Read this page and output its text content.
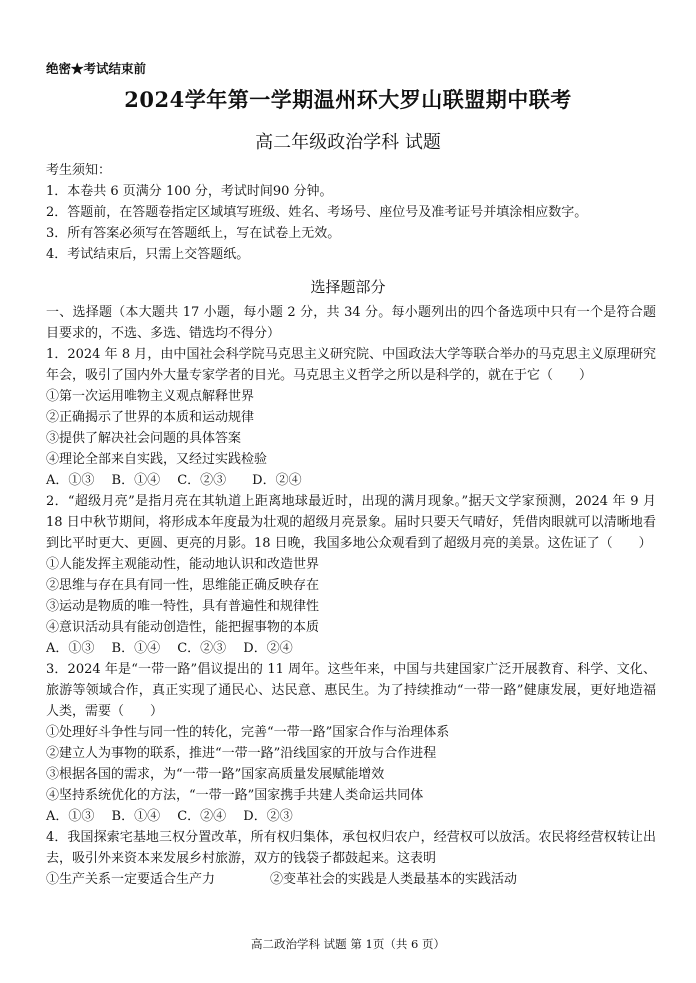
绝密★考试结束前
2024学年第一学期温州环大罗山联盟期中联考
高二年级政治学科 试题
考生须知：
1．本卷共 6 页满分 100 分，考试时间90 分钟。
2．答题前，在答题卷指定区域填写班级、姓名、考场号、座位号及准考证号并填涂相应数字。
3．所有答案必须写在答题纸上，写在试卷上无效。
4．考试结束后，只需上交答题纸。
选择题部分

一、选择题（本大题共 17 小题，每小题 2 分，共 34 分。每小题列出的四个备选项中只有一个是符合题目要求的，不选、多选、错选均不得分）

1．2024 年 8 月，由中国社会科学院马克思主义研究院、中国政法大学等联合举办的马克思主义原理研究年会，吸引了国内外大量专家学者的目光。马克思主义哲学之所以是科学的，就在于它（　　）

①第一次运用唯物主义观点解释世界

②正确揭示了世界的本质和运动规律

③提供了解决社会问题的具体答案

④理论全部来自实践，又经过实践检验

A．①③　 B．①④　 C．②③　　D．②④

2．“超级月亮”是指月亮在其轨道上距离地球最近时，出现的满月现象。”据天文学家预测，2024 年 9 月 18 日中秋节期间，将形成本年度最为壮观的超级月亮景象。届时只要天气晴好，凭借肉眼就可以清晰地看到比平时更大、更圆、更亮的月影。18 日晚，我国多地公众观看到了超级月亮的美景。这佐证了（　　）

①人能发挥主观能动性，能动地认识和改造世界

②思维与存在具有同一性，思维能正确反映存在

③运动是物质的唯一特性，具有普遍性和规律性

④意识活动具有能动创造性，能把握事物的本质

A．①③　 B．①④　 C．②③　 D．②④

3．2024 年是“一带一路”倡议提出的 11 周年。这些年来，中国与共建国家广泛开展教育、科学、文化、旅游等领域合作，真正实现了通民心、达民意、惠民生。为了持续推动“一带一路”健康发展，更好地造福人类，需要（　　）

①处理好斗争性与同一性的转化，完善“一带一路”国家合作与治理体系

②建立人为事物的联系，推进“一带一路”沿线国家的开放与合作进程

③根据各国的需求，为“一带一路”国家高质量发展赋能增效

④坚持系统优化的方法，“一带一路”国家携手共建人类命运共同体

A．①③　 B．①④　 C．②④　 D．②③

4．我国探索宅基地三权分置改革，所有权归集体，承包权归农户，经营权可以放活。农民将经营权转让出去，吸引外来资本来发展乡村旅游，双方的钱袋子都鼓起来。这表明

①生产关系一定要适合生产力	②变革社会的实践是人类最基本的实践活动

高二政治学科 试题 第 1页（共 6 页）
